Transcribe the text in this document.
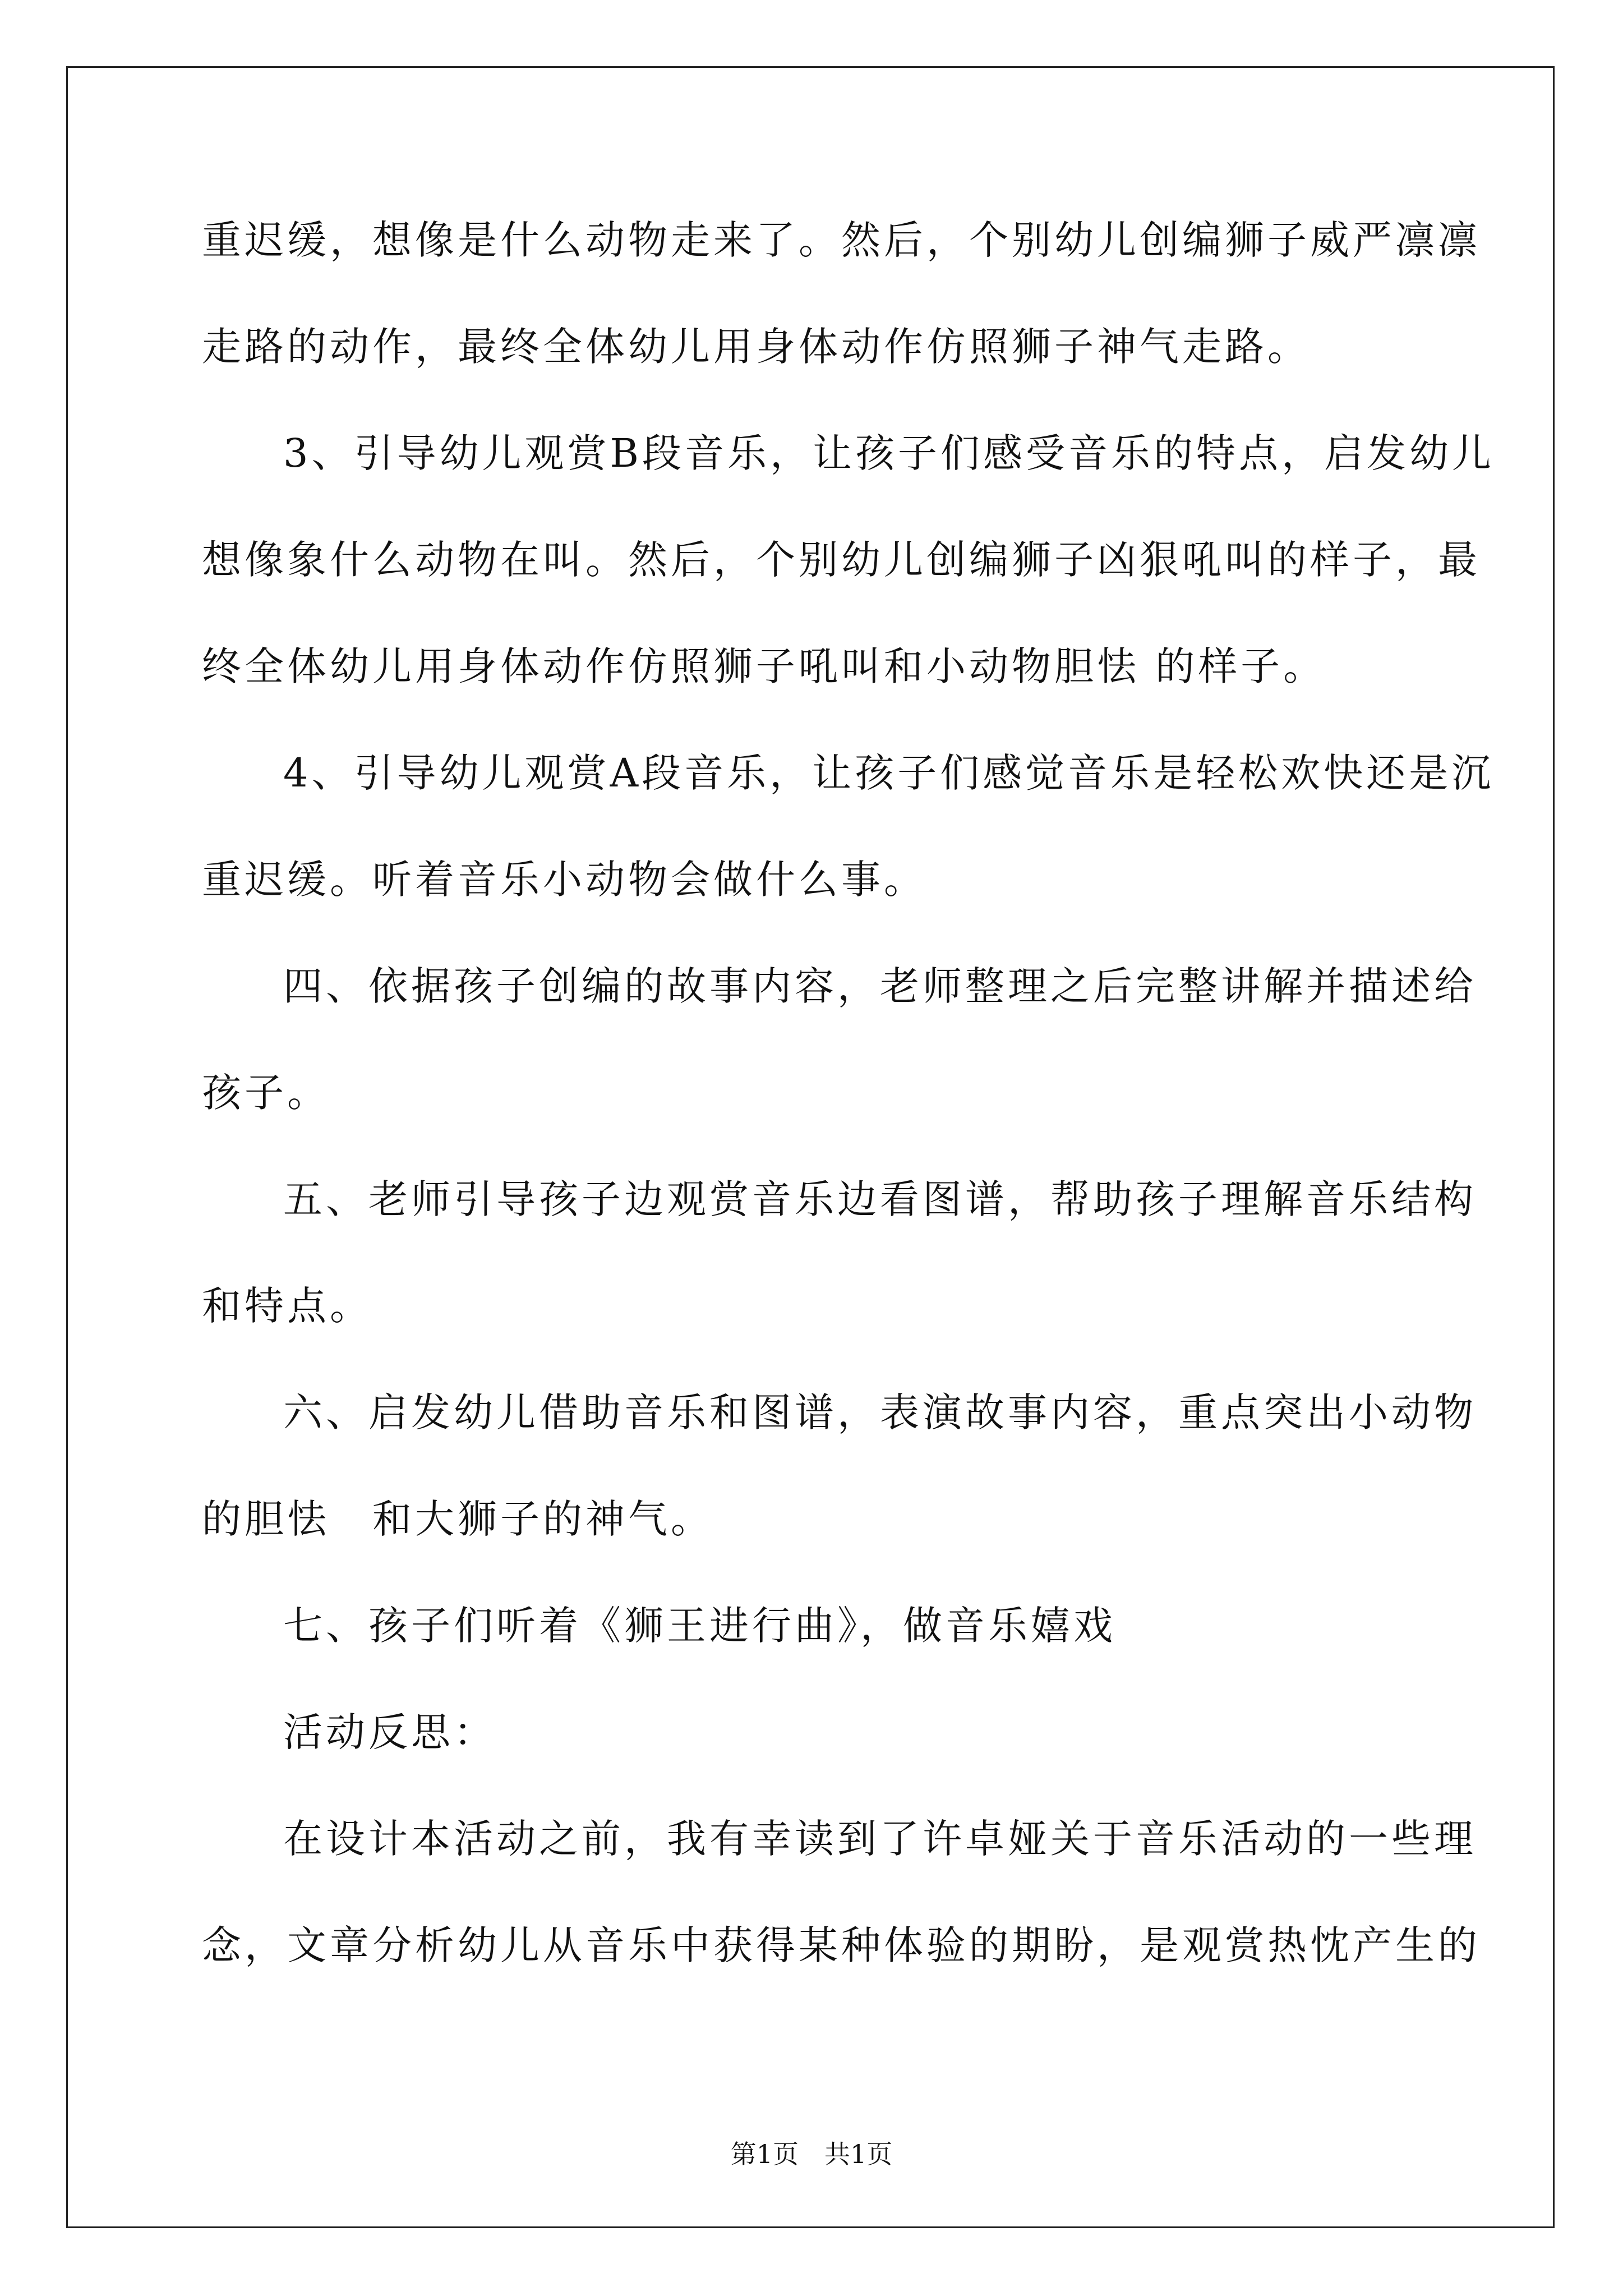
重迟缓，想像是什么动物走来了。然后，个别幼儿创编狮子威严凛凛
走路的动作，最终全体幼儿用身体动作仿照狮子神气走路。
3、引导幼儿观赏B段音乐，让孩子们感受音乐的特点，启发幼儿
想像象什么动物在叫。然后，个别幼儿创编狮子凶狠吼叫的样子，最
终全体幼儿用身体动作仿照狮子吼叫和小动物胆怯 的样子。
4、引导幼儿观赏A段音乐，让孩子们感觉音乐是轻松欢快还是沉
重迟缓。听着音乐小动物会做什么事。
四、依据孩子创编的故事内容，老师整理之后完整讲解并描述给
孩子。
五、老师引导孩子边观赏音乐边看图谱，帮助孩子理解音乐结构
和特点。
六、启发幼儿借助音乐和图谱，表演故事内容，重点突出小动物
的胆怯　和大狮子的神气。
七、孩子们听着《狮王进行曲》，做音乐嬉戏
活动反思：
在设计本活动之前，我有幸读到了许卓娅关于音乐活动的一些理
念，文章分析幼儿从音乐中获得某种体验的期盼，是观赏热忱产生的
第1页　共1页
